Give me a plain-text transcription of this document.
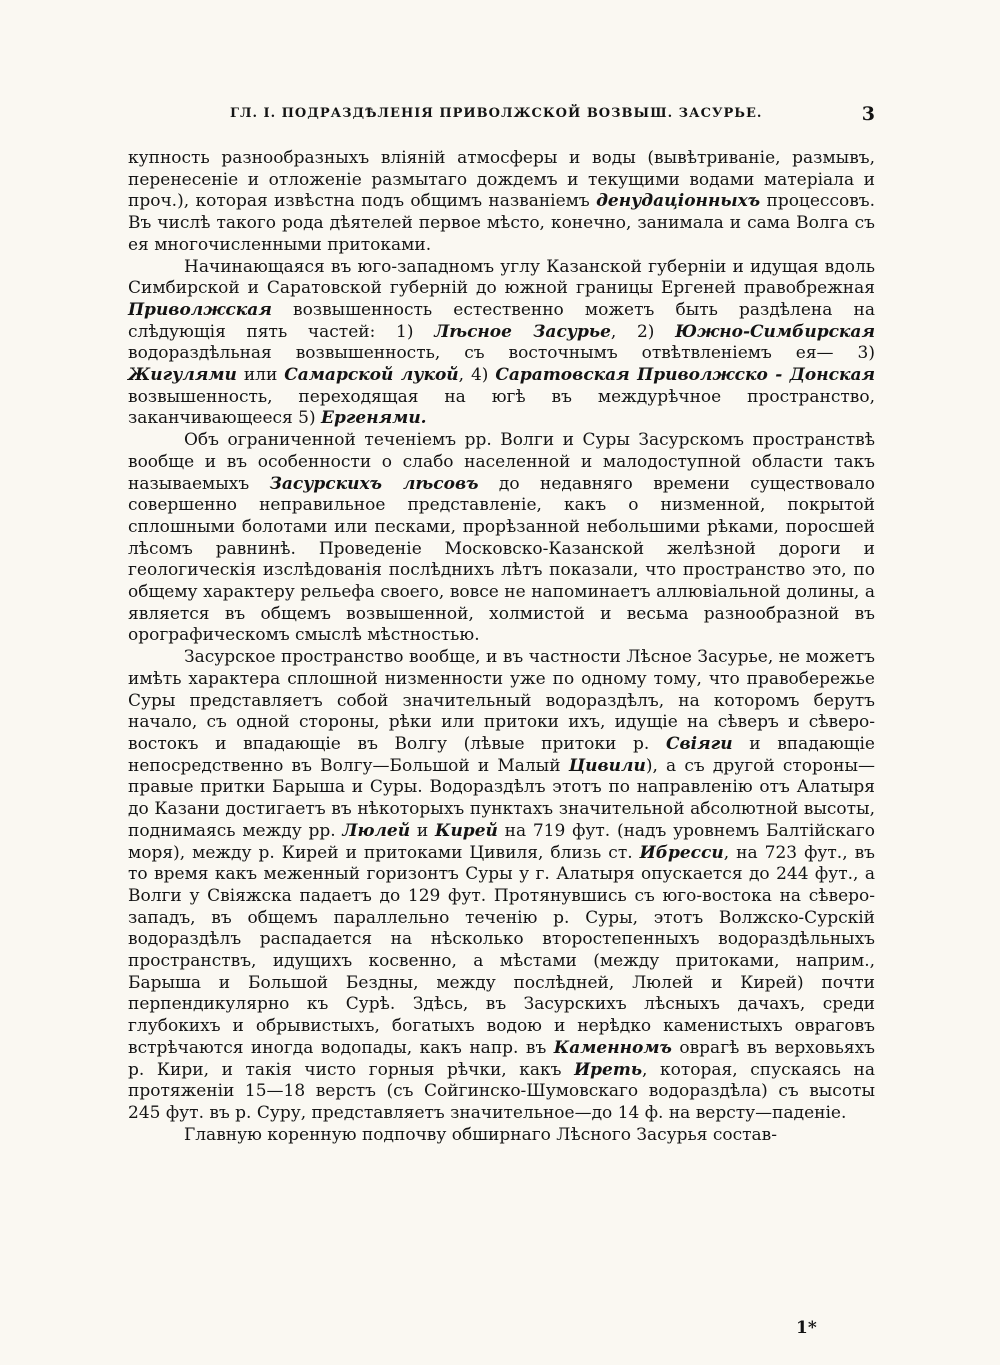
ГЛ. I. ПОДРАЗДѢЛЕНІЯ ПРИВОЛЖСКОЙ ВОЗВЫШ. ЗАСУРЬЕ.	3

купность разнообразныхъ вліяній атмосферы и воды (вывѣтриваніе, размывъ, перенесеніе и отложеніе размытаго дождемъ и текущими водами матеріала и проч.), которая извѣстна подъ общимъ названіемъ денудаціонныхъ процессовъ. Въ числѣ такого рода дѣятелей первое мѣсто, конечно, занимала и сама Волга съ ея многочисленными притоками.

Начинающаяся въ юго-западномъ углу Казанской губерніи и идущая вдоль Симбирской и Саратовской губерній до южной границы Ергеней правобрежная Приволжская возвышенность естественно можетъ быть раздѣлена на слѣдующія пять частей: 1) Лѣсное Засурье, 2) Южно-Симбирская водораздѣльная возвышенность, съ восточнымъ отвѣтвленіемъ ея— 3) Жигулями или Самарской лукой, 4) Саратовская Приволжско - Донская возвышенность, переходящая на югѣ въ междурѣчное пространство, заканчивающееся 5) Ергенями.

Объ ограниченной теченіемъ рр. Волги и Суры Засурскомъ пространствѣ вообще и въ особенности о слабо населенной и малодоступной области такъ называемыхъ Засурскихъ лѣсовъ до недавняго времени существовало совершенно неправильное представленіе, какъ о низменной, покрытой сплошными болотами или песками, прорѣзанной небольшими рѣками, поросшей лѣсомъ равнинѣ. Проведеніе Московско-Казанской желѣзной дороги и геологическія изслѣдованія послѣднихъ лѣтъ показали, что пространство это, по общему характеру рельефа своего, вовсе не напоминаетъ аллювіальной долины, а является въ общемъ возвышенной, холмистой и весьма разнообразной въ орографическомъ смыслѣ мѣстностью.

Засурское пространство вообще, и въ частности Лѣсное Засурье, не можетъ имѣть характера сплошной низменности уже по одному тому, что правобережье Суры представляетъ собой значительный водораздѣлъ, на которомъ берутъ начало, съ одной стороны, рѣки или притоки ихъ, идущіе на сѣверъ и сѣверо-востокъ и впадающіе въ Волгу (лѣвые притоки р. Свіяги и впадающіе непосредственно въ Волгу—Большой и Малый Цивили), а съ другой стороны—правые притки Барыша и Суры. Водораздѣлъ этотъ по направленію отъ Алатыря до Казани достигаетъ въ нѣкоторыхъ пунктахъ значительной абсолютной высоты, поднимаясь между рр. Люлей и Кирей на 719 фут. (надъ уровнемъ Балтійскаго моря), между р. Кирей и притоками Цивиля, близь ст. Ибресси, на 723 фут., въ то время какъ меженный горизонтъ Суры у г. Алатыря опускается до 244 фут., а Волги у Свіяжска падаетъ до 129 фут. Протянувшись съ юго-востока на сѣверо-западъ, въ общемъ параллельно теченію р. Суры, этотъ Волжско-Сурскій водораздѣлъ распадается на нѣсколько второстепенныхъ водораздѣльныхъ пространствъ, идущихъ косвенно, а мѣстами (между притоками, наприм., Барыша и Большой Бездны, между послѣдней, Люлей и Кирей) почти перпендикулярно къ Сурѣ. Здѣсь, въ Засурскихъ лѣсныхъ дачахъ, среди глубокихъ и обрывистыхъ, богатыхъ водою и нерѣдко каменистыхъ овраговъ встрѣчаются иногда водопады, какъ напр. въ Каменномъ оврагѣ въ верховьяхъ р. Кири, и такія чисто горныя рѣчки, какъ Иреть, которая, спускаясь на протяженіи 15—18 верстъ (съ Сойгинско-Шумовскаго водораздѣла) съ высоты 245 фут. въ р. Суру, представляетъ значительное—до 14 ф. на версту—паденіе.

Главную коренную подпочву обширнаго Лѣсного Засурья состав-

1*
